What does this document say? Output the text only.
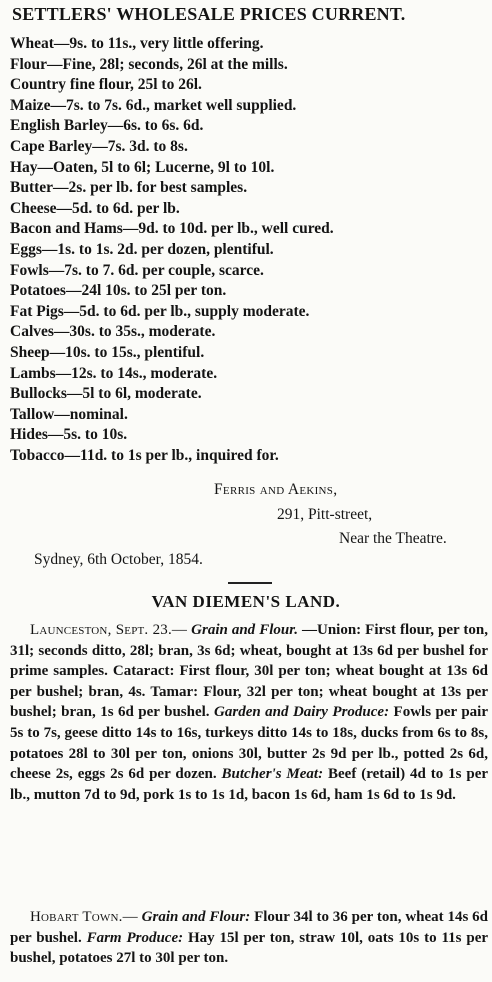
SETTLERS' WHOLESALE PRICES CURRENT.
Wheat—9s. to 11s., very little offering.
Flour—Fine, 28l; seconds, 26l at the mills.
Country fine flour, 25l to 26l.
Maize—7s. to 7s. 6d., market well supplied.
English Barley—6s. to 6s. 6d.
Cape Barley—7s. 3d. to 8s.
Hay—Oaten, 5l to 6l; Lucerne, 9l to 10l.
Butter—2s. per lb. for best samples.
Cheese—5d. to 6d. per lb.
Bacon and Hams—9d. to 10d. per lb., well cured.
Eggs—1s. to 1s. 2d. per dozen, plentiful.
Fowls—7s. to 7. 6d. per couple, scarce.
Potatoes—24l 10s. to 25l per ton.
Fat Pigs—5d. to 6d. per lb., supply moderate.
Calves—30s. to 35s., moderate.
Sheep—10s. to 15s., plentiful.
Lambs—12s. to 14s., moderate.
Bullocks—5l to 6l, moderate.
Tallow—nominal.
Hides—5s. to 10s.
Tobacco—11d. to 1s per lb., inquired for.
Ferris and Aekins,
291, Pitt-street,
Near the Theatre.
Sydney, 6th October, 1854.
VAN DIEMEN'S LAND.
Launceston, Sept. 23.— Grain and Flour. —Union: First flour, per ton, 31l; seconds ditto, 28l; bran, 3s 6d; wheat, bought at 13s 6d per bushel for prime samples. Cataract: First flour, 30l per ton; wheat bought at 13s 6d per bushel; bran, 4s. Tamar: Flour, 32l per ton; wheat bought at 13s per bushel; bran, 1s 6d per bushel. Garden and Dairy Produce: Fowls per pair 5s to 7s, geese ditto 14s to 16s, turkeys ditto 14s to 18s, ducks from 6s to 8s, potatoes 28l to 30l per ton, onions 30l, butter 2s 9d per lb., potted 2s 6d, cheese 2s, eggs 2s 6d per dozen. Butcher's Meat: Beef (retail) 4d to 1s per lb., mutton 7d to 9d, pork 1s to 1s 1d, bacon 1s 6d, ham 1s 6d to 1s 9d.
Hobart Town.— Grain and Flour: Flour 34l to 36 per ton, wheat 14s 6d per bushel. Farm Produce: Hay 15l per ton, straw 10l, oats 10s to 11s per bushel, potatoes 27l to 30l per ton.
